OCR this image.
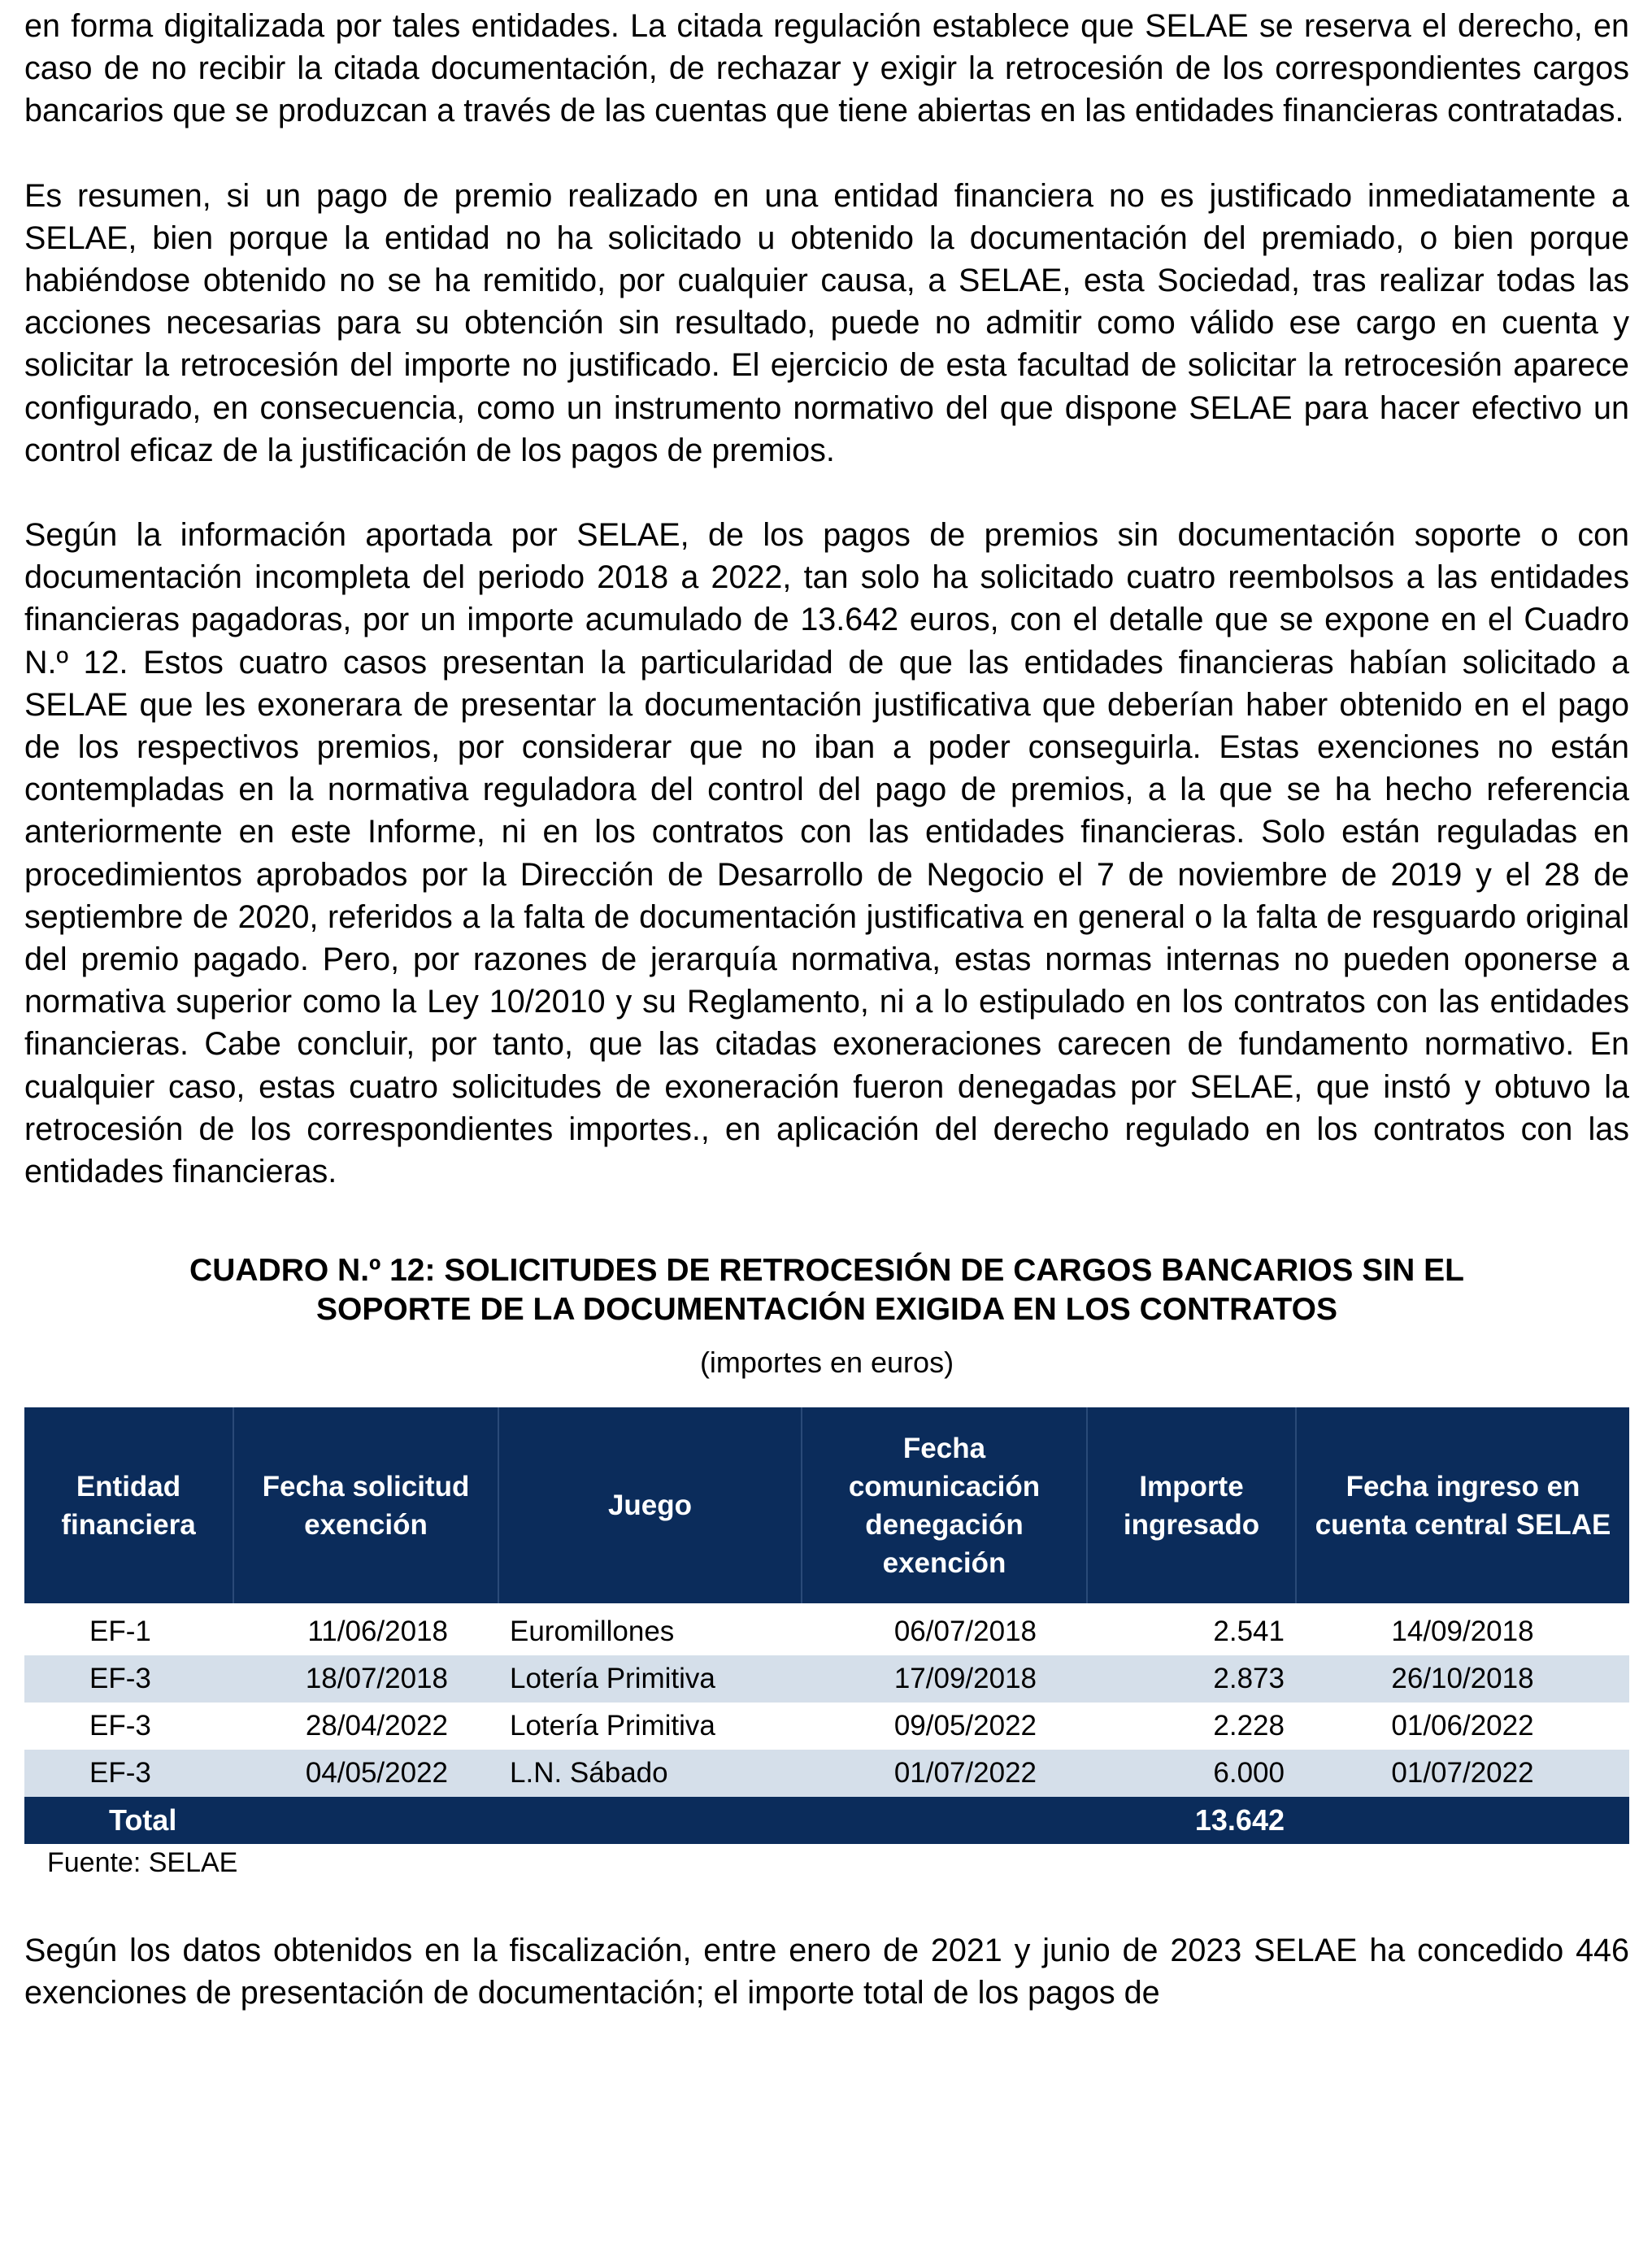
en forma digitalizada por tales entidades. La citada regulación establece que SELAE se reserva el derecho, en caso de no recibir la citada documentación, de rechazar y exigir la retrocesión de los correspondientes cargos bancarios que se produzcan a través de las cuentas que tiene abiertas en las entidades financieras contratadas.

Es resumen, si un pago de premio realizado en una entidad financiera no es justificado inmediatamente a SELAE, bien porque la entidad no ha solicitado u obtenido la documentación del premiado, o bien porque habiéndose obtenido no se ha remitido, por cualquier causa, a SELAE, esta Sociedad, tras realizar todas las acciones necesarias para su obtención sin resultado, puede no admitir como válido ese cargo en cuenta y solicitar la retrocesión del importe no justificado. El ejercicio de esta facultad de solicitar la retrocesión aparece configurado, en consecuencia, como un instrumento normativo del que dispone SELAE para hacer efectivo un control eficaz de la justificación de los pagos de premios.

Según la información aportada por SELAE, de los pagos de premios sin documentación soporte o con documentación incompleta del periodo 2018 a 2022, tan solo ha solicitado cuatro reembolsos a las entidades financieras pagadoras, por un importe acumulado de 13.642 euros, con el detalle que se expone en el Cuadro N.º 12. Estos cuatro casos presentan la particularidad de que las entidades financieras habían solicitado a SELAE que les exonerara de presentar la documentación justificativa que deberían haber obtenido en el pago de los respectivos premios, por considerar que no iban a poder conseguirla. Estas exenciones no están contempladas en la normativa reguladora del control del pago de premios, a la que se ha hecho referencia anteriormente en este Informe, ni en los contratos con las entidades financieras. Solo están reguladas en procedimientos aprobados por la Dirección de Desarrollo de Negocio el 7 de noviembre de 2019 y el 28 de septiembre de 2020, referidos a la falta de documentación justificativa en general o la falta de resguardo original del premio pagado. Pero, por razones de jerarquía normativa, estas normas internas no pueden oponerse a normativa superior como la Ley 10/2010 y su Reglamento, ni a lo estipulado en los contratos con las entidades financieras. Cabe concluir, por tanto, que las citadas exoneraciones carecen de fundamento normativo. En cualquier caso, estas cuatro solicitudes de exoneración fueron denegadas por SELAE, que instó y obtuvo la retrocesión de los correspondientes importes., en aplicación del derecho regulado en los contratos con las entidades financieras.

CUADRO N.º 12: SOLICITUDES DE RETROCESIÓN DE CARGOS BANCARIOS SIN EL
SOPORTE DE LA DOCUMENTACIÓN EXIGIDA EN LOS CONTRATOS
(importes en euros)
Entidad financiera	Fecha solicitud exención	Juego	Fecha comunicación denegación exención	Importe ingresado	Fecha ingreso en cuenta central SELAE
EF-1	11/06/2018	Euromillones	06/07/2018	2.541	14/09/2018
EF-3	18/07/2018	Lotería Primitiva	17/09/2018	2.873	26/10/2018
EF-3	28/04/2022	Lotería Primitiva	09/05/2022	2.228	01/06/2022
EF-3	04/05/2022	L.N. Sábado	01/07/2022	6.000	01/07/2022
Total				13.642	
Fuente: SELAE

Según los datos obtenidos en la fiscalización, entre enero de 2021 y junio de 2023 SELAE ha concedido 446 exenciones de presentación de documentación; el importe total de los pagos de
